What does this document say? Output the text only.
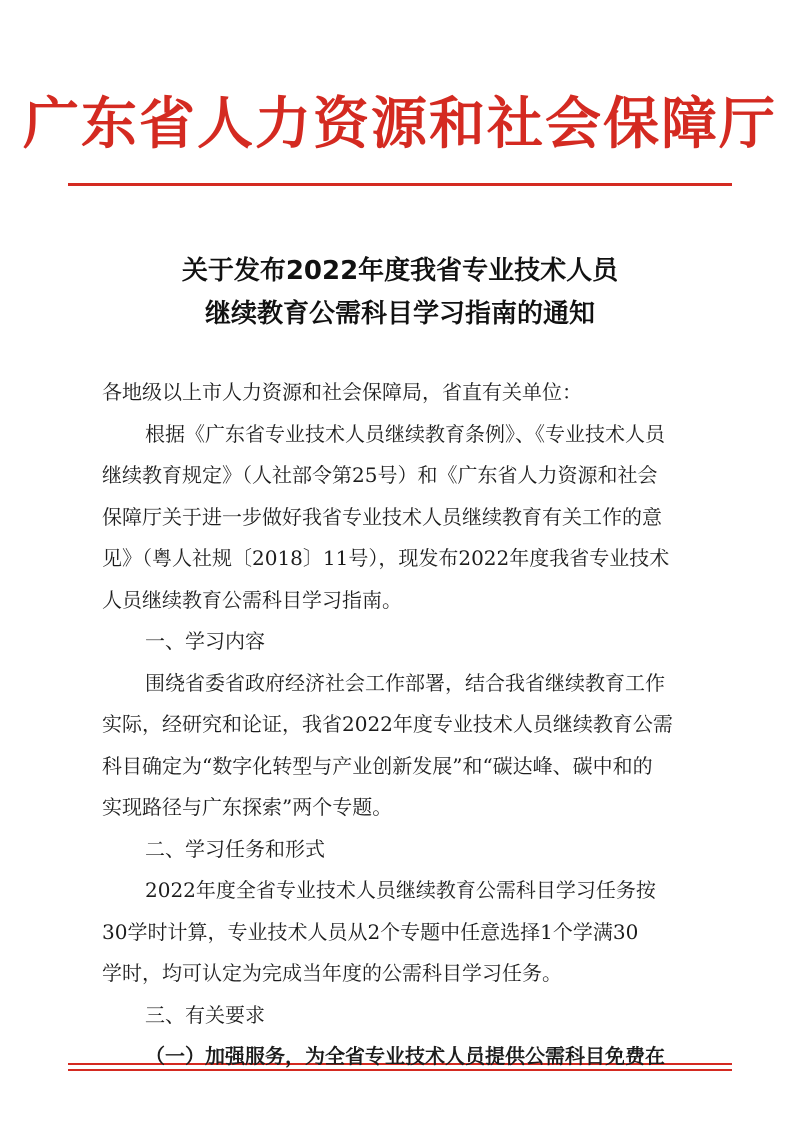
广东省人力资源和社会保障厅
关于发布2022年度我省专业技术人员
继续教育公需科目学习指南的通知
各地级以上市人力资源和社会保障局，省直有关单位：
根据《广东省专业技术人员继续教育条例》、《专业技术人员
继续教育规定》（人社部令第25号）和《广东省人力资源和社会
保障厅关于进一步做好我省专业技术人员继续教育有关工作的意
见》（粤人社规〔2018〕11号），现发布2022年度我省专业技术
人员继续教育公需科目学习指南。
一、学习内容
围绕省委省政府经济社会工作部署，结合我省继续教育工作
实际，经研究和论证，我省2022年度专业技术人员继续教育公需
科目确定为“数字化转型与产业创新发展”和“碳达峰、碳中和的
实现路径与广东探索”两个专题。
二、学习任务和形式
2022年度全省专业技术人员继续教育公需科目学习任务按
30学时计算，专业技术人员从2个专题中任意选择1个学满30
学时，均可认定为完成当年度的公需科目学习任务。
三、有关要求
（一）加强服务，为全省专业技术人员提供公需科目免费在
